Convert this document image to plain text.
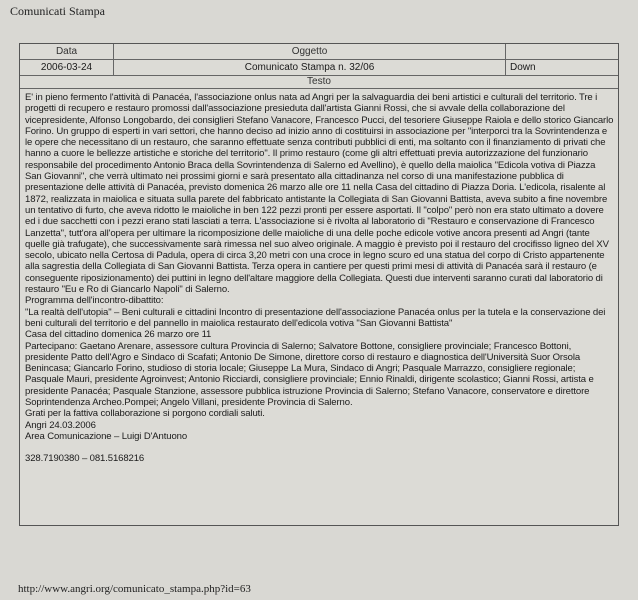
Comunicati Stampa
Data	Oggetto

2006-03-24	Comunicato Stampa n. 32/06	Down
Testo

E' in pieno fermento l'attività di Panacéa, l'associazione onlus nata ad Angri per la salvaguardia dei beni artistici e culturali del territorio. Tre i progetti di recupero e restauro promossi dall'associazione presieduta dall'artista Gianni Rossi, che si avvale della collaborazione del vicepresidente, Alfonso Longobardo, dei consiglieri Stefano Vanacore, Francesco Pucci, del tesoriere Giuseppe Raiola e dello storico Giancarlo Forino. Un gruppo di esperti in vari settori, che hanno deciso ad inizio anno di costituirsi in associazione per "interporci tra la Sovrintendenza e le opere che necessitano di un restauro, che saranno effettuate senza contributi pubblici di enti, ma soltanto con il finanziamento di privati che hanno a cuore le bellezze artistiche e storiche del territorio". Il primo restauro (come gli altri effettuati previa autorizzazione del funzionario responsabile del procedimento Antonio Braca della Sovrintendenza di Salerno ed Avellino), è quello della maiolica "Edicola votiva di Piazza San Giovanni", che verrà ultimato nei prossimi giorni e sarà presentato alla cittadinanza nel corso di una manifestazione pubblica di presentazione delle attività di Panacéa, previsto domenica 26 marzo alle ore 11 nella Casa del cittadino di Piazza Doria. L'edicola, risalente al 1872, realizzata in maiolica e situata sulla parete del fabbricato antistante la Collegiata di San Giovanni Battista, aveva subito a fine novembre un tentativo di furto, che aveva ridotto le maioliche in ben 122 pezzi pronti per essere asportati. Il "colpo" però non era stato ultimato a dovere ed i due sacchetti con i pezzi erano stati lasciati a terra. L'associazione si è rivolta al laboratorio di "Restauro e conservazione di Francesco Lanzetta", tutt'ora all'opera per ultimare la ricomposizione delle maioliche di una delle poche edicole votive ancora presenti ad Angri (tante quelle già trafugate), che successivamente sarà rimessa nel suo alveo originale. A maggio è previsto poi il restauro del crocifisso ligneo del XV secolo, ubicato nella Certosa di Padula, opera di circa 3,20 metri con una croce in legno scuro ed una statua del corpo di Cristo appartenente alla sagrestia della Collegiata di San Giovanni Battista. Terza opera in cantiere per questi primi mesi di attività di Panacéa sarà il restauro (e conseguente riposizionamento) dei puttini in legno dell'altare maggiore della Collegiata. Questi due interventi saranno curati dal laboratorio di restauro "Eu e Ro di Giancarlo Napoli" di Salerno.

Programma dell'incontro-dibattito:

"La realtà dell'utopia" – Beni culturali e cittadini Incontro di presentazione dell'associazione Panacéa onlus per la tutela e la conservazione dei beni culturali del territorio e del pannello in maiolica restaurato dell'edicola votiva "San Giovanni Battista"

Casa del cittadino domenica 26 marzo ore 11

Partecipano: Gaetano Arenare, assessore cultura Provincia di Salerno; Salvatore Bottone, consigliere provinciale; Francesco Bottoni, presidente Patto dell'Agro e Sindaco di Scafati; Antonio De Simone, direttore corso di restauro e diagnostica dell'Università Suor Orsola Benincasa; Giancarlo Forino, studioso di storia locale; Giuseppe La Mura, Sindaco di Angri; Pasquale Marrazzo, consigliere regionale; Pasquale Mauri, presidente Agroinvest; Antonio Ricciardi, consigliere provinciale; Ennio Rinaldi, dirigente scolastico; Gianni Rossi, artista e presidente Panacéa; Pasquale Stanzione, assessore pubblica istruzione Provincia di Salerno; Stefano Vanacore, conservatore e direttore Soprintendenza Archeo.Pompei; Angelo Villani, presidente Provincia di Salerno.

Grati per la fattiva collaborazione si porgono cordiali saluti.

Angri 24.03.2006

Area Comunicazione – Luigi D'Antuono

328.7190380 – 081.5168216

http://www.angri.org/comunicato_stampa.php?id=63
